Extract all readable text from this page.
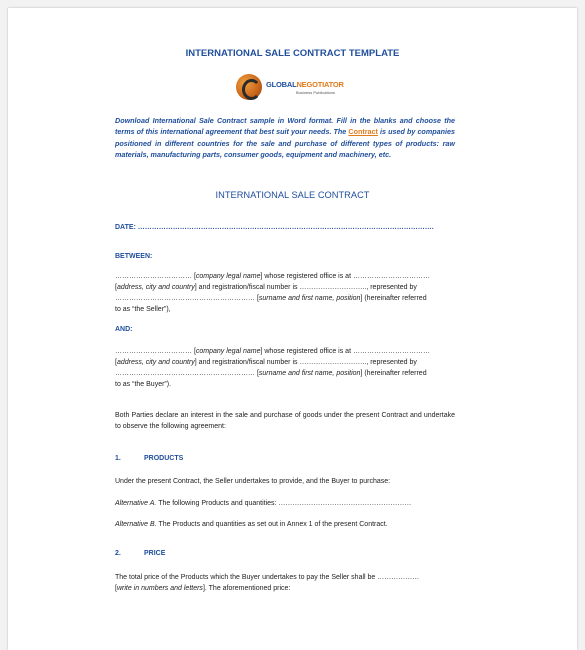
INTERNATIONAL SALE CONTRACT TEMPLATE
GLOBALNEGOTIATOR
Business Publications
Download International Sale Contract sample in Word format. Fill in the blanks and choose the terms of this international agreement that best suit your needs. The Contract is used by companies positioned in different countries for the sale and purchase of different types of products: raw materials, manufacturing parts, consumer goods, equipment and machinery, etc.
INTERNATIONAL SALE CONTRACT
DATE: ……………………………………………………………………………………………………………….
BETWEEN:
…………………………… [company legal name] whose registered office is at ……………………………
[address, city and country] and registration/fiscal number is ……………………….., represented by
…………………………………………………… [surname and first name, position] (hereinafter referred
to as “the Seller”),
AND:
…………………………… [company legal name] whose registered office is at ……………………………
[address, city and country] and registration/fiscal number is ……………………….., represented by
…………………………………………………… [surname and first name, position] (hereinafter referred
to as “the Buyer”).
Both Parties declare an interest in the sale and purchase of goods under the present Contract and undertake to observe the following agreement:
1.	PRODUCTS
Under the present Contract, the Seller undertakes to provide, and the Buyer to purchase:
Alternative A. The following Products and quantities: …………………………………………………
Alternative B. The Products and quantities as set out in Annex 1 of the present Contract.
2.	PRICE
The total price of the Products which the Buyer undertakes to pay the Seller shall be ………………
[write in numbers and letters]. The aforementioned price:
